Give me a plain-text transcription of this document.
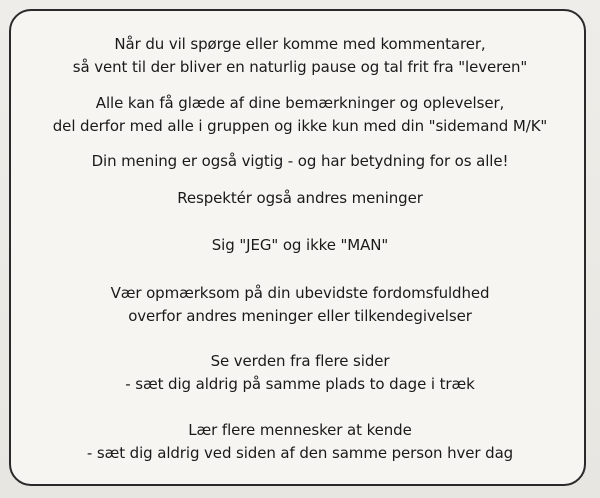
Når du vil spørge eller komme med kommentarer,
så vent til der bliver en naturlig pause og tal frit fra "leveren"
Alle kan få glæde af dine bemærkninger og oplevelser,
del derfor med alle i gruppen og ikke kun med din "sidemand M/K"
Din mening er også vigtig - og har betydning for os alle!
Respektér også andres meninger
Sig "JEG" og ikke "MAN"
Vær opmærksom på din ubevidste fordomsfuldhed
overfor andres meninger eller tilkendegivelser
Se verden fra flere sider
- sæt dig aldrig på samme plads to dage i træk
Lær flere mennesker at kende
- sæt dig aldrig ved siden af den samme person hver dag
